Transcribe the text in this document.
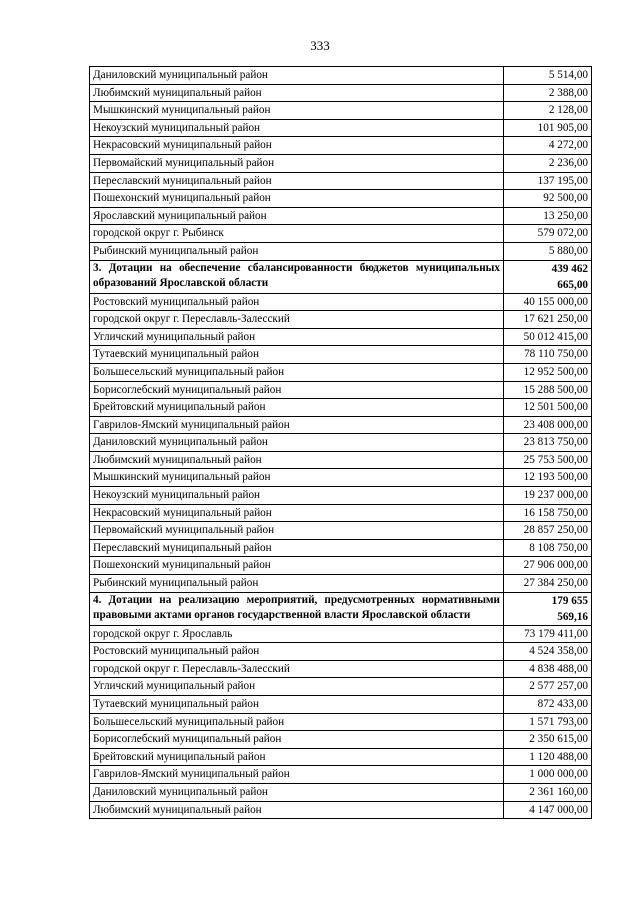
333
Даниловский муниципальный район	5 514,00
Любимский муниципальный район	2 388,00
Мышкинский муниципальный район	2 128,00
Некоузский муниципальный район	101 905,00
Некрасовский муниципальный район	4 272,00
Первомайский муниципальный район	2 236,00
Переславский муниципальный район	137 195,00
Пошехонский муниципальный район	92 500,00
Ярославский муниципальный район	13 250,00
городской округ г. Рыбинск	579 072,00
Рыбинский муниципальный район	5 880,00
3. Дотации на обеспечение сбалансированности бюджетов муниципальных образований Ярославской области	439 462
665,00

Ростовский муниципальный район	40 155 000,00
городской округ г. Переславль-Залесский	17 621 250,00
Угличский муниципальный район	50 012 415,00
Тутаевский муниципальный район	78 110 750,00
Большесельский муниципальный район	12 952 500,00
Борисоглебский муниципальный район	15 288 500,00
Брейтовский муниципальный район	12 501 500,00
Гаврилов-Ямский муниципальный район	23 408 000,00
Даниловский муниципальный район	23 813 750,00
Любимский муниципальный район	25 753 500,00
Мышкинский муниципальный район	12 193 500,00
Некоузский муниципальный район	19 237 000,00
Некрасовский муниципальный район	16 158 750,00
Первомайский муниципальный район	28 857 250,00
Переславский муниципальный район	8 108 750,00
Пошехонский муниципальный район	27 906 000,00
Рыбинский муниципальный район	27 384 250,00
4. Дотации на реализацию мероприятий, предусмотренных нормативными правовыми актами органов государственной власти Ярославской области	179 655
569,16

городской округ г. Ярославль	73 179 411,00
Ростовский муниципальный район	4 524 358,00
городской округ г. Переславль-Залесский	4 838 488,00
Угличский муниципальный район	2 577 257,00
Тутаевский муниципальный район	872 433,00
Большесельский муниципальный район	1 571 793,00
Борисоглебский муниципальный район	2 350 615,00
Брейтовский муниципальный район	1 120 488,00
Гаврилов-Ямский муниципальный район	1 000 000,00
Даниловский муниципальный район	2 361 160,00
Любимский муниципальный район	4 147 000,00
